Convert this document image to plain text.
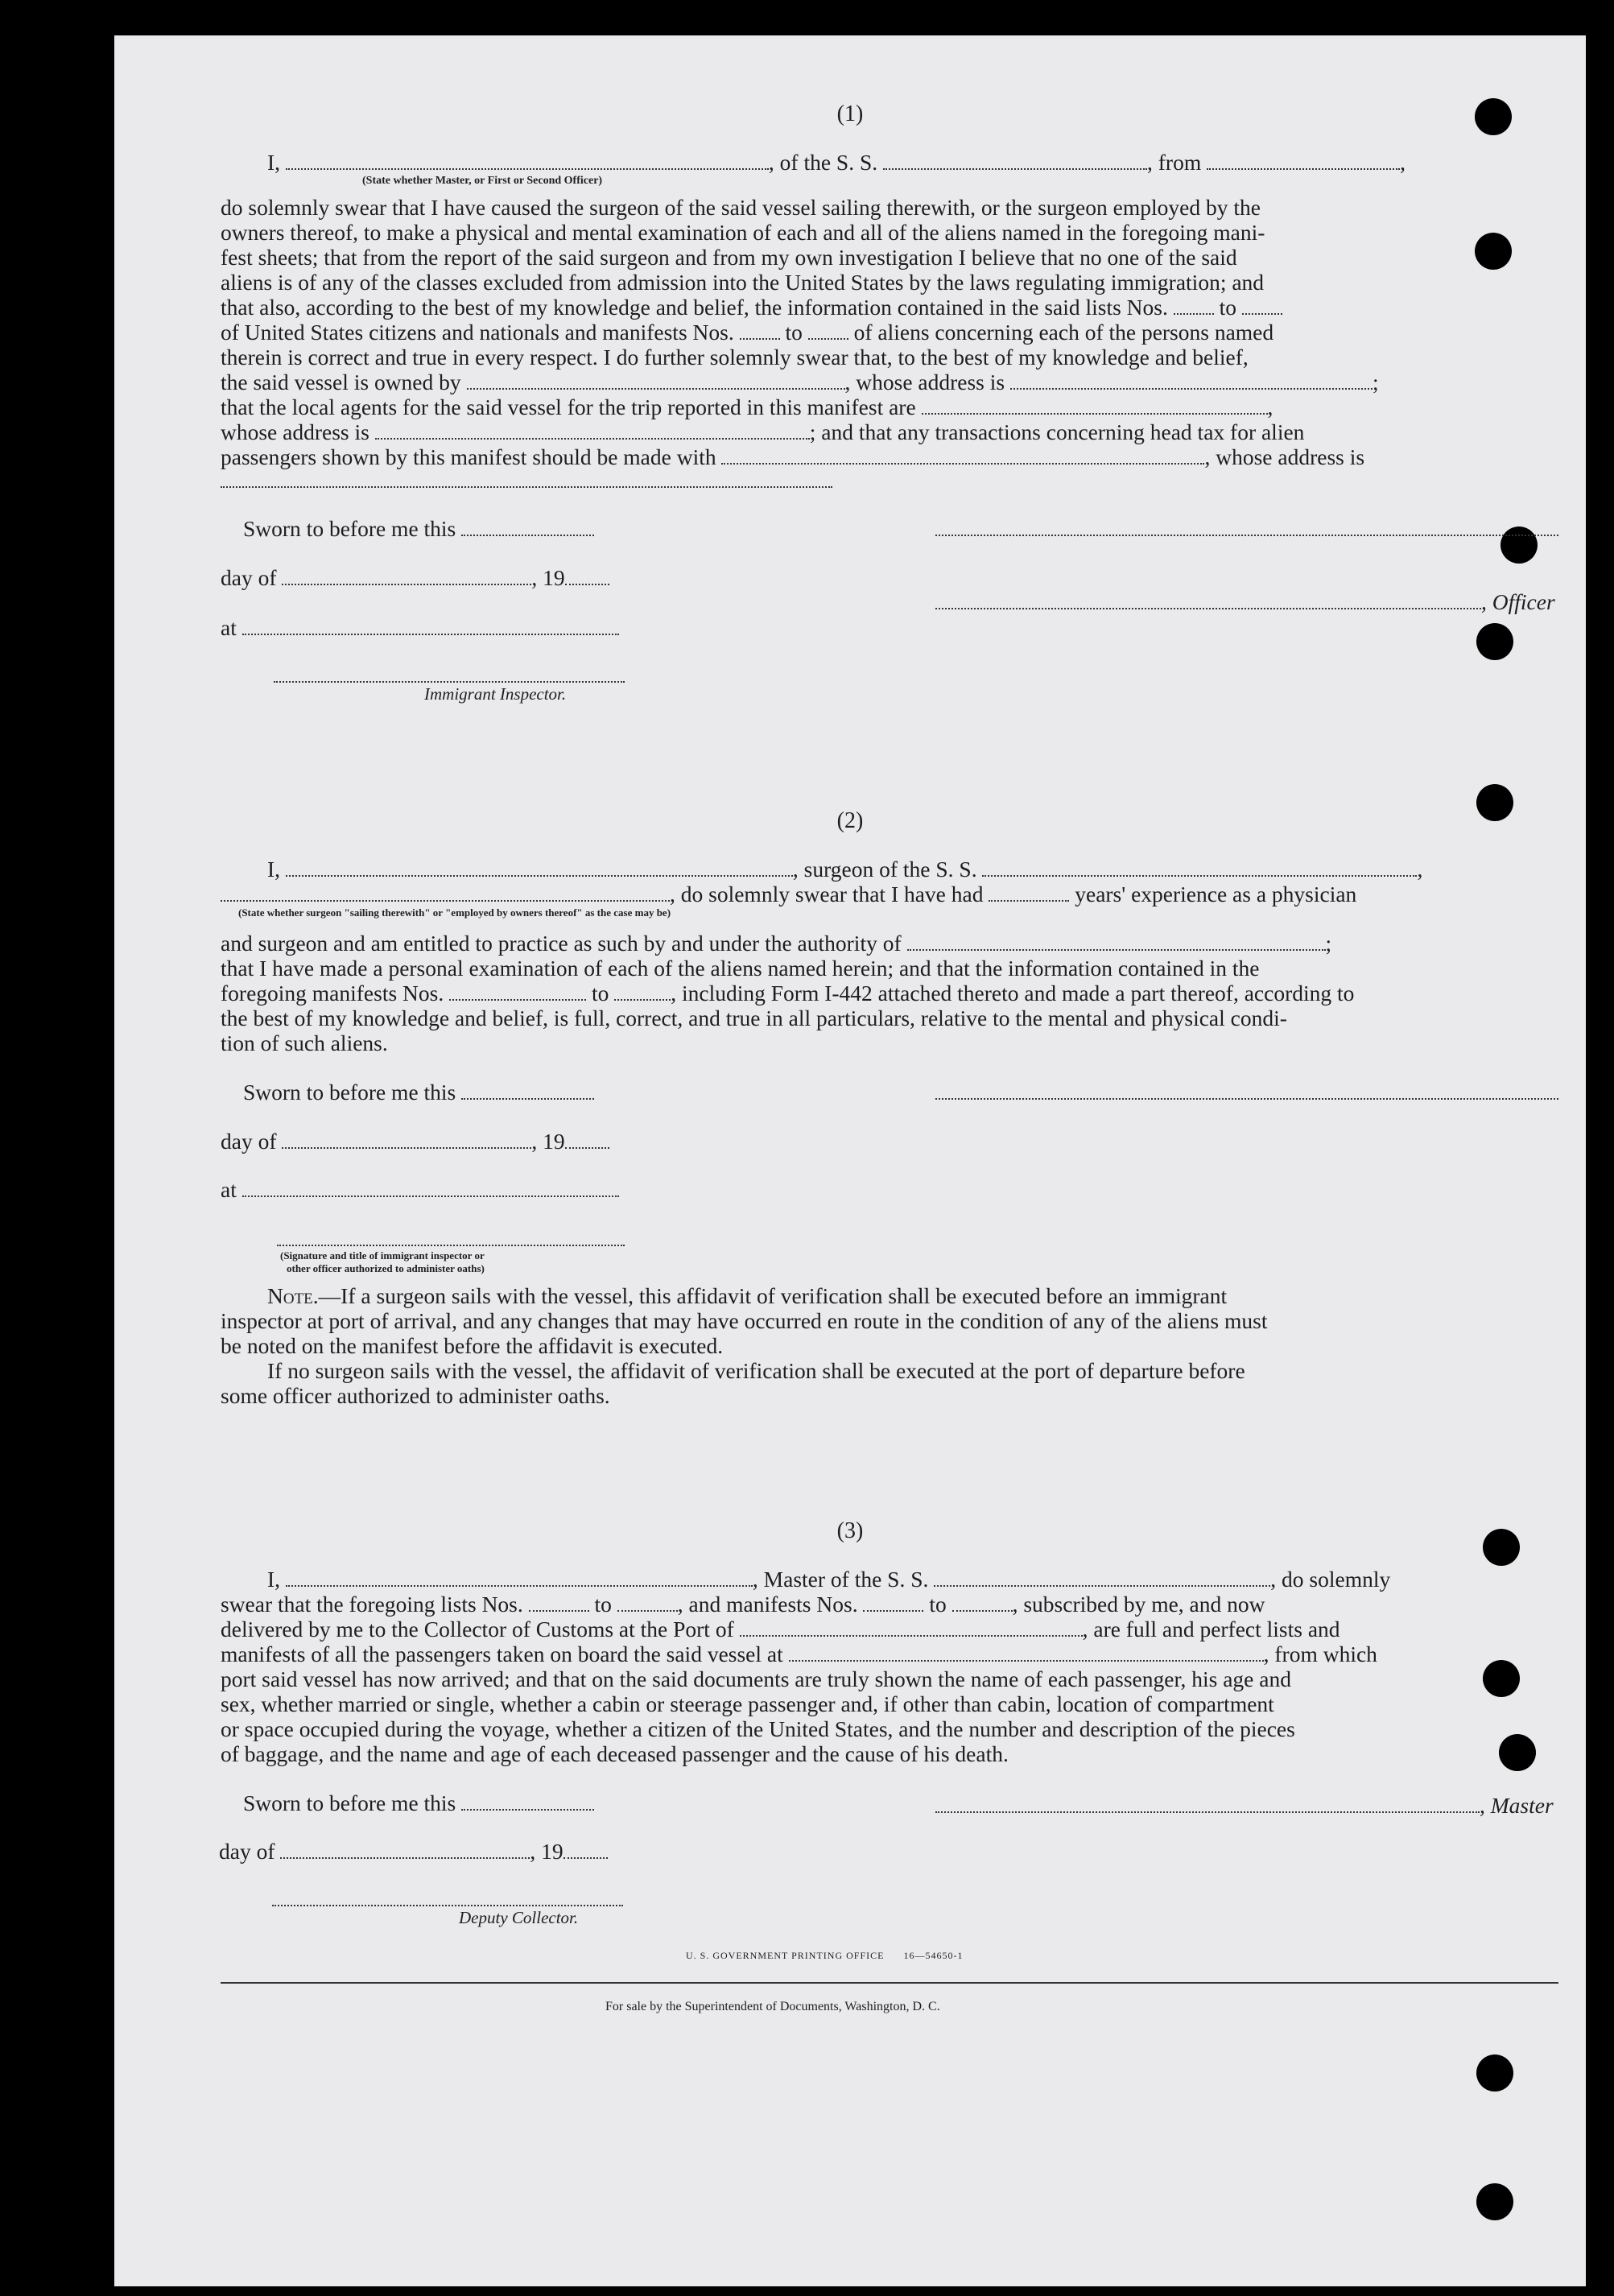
(1)
I,	, of the S. S.	, from	,
(State whether Master, or First or Second Officer)
do solemnly swear that I have caused the surgeon of the said vessel sailing therewith, or the surgeon employed by the
owners thereof, to make a physical and mental examination of each and all of the aliens named in the foregoing mani-
fest sheets; that from the report of the said surgeon and from my own investigation I believe that no one of the said
aliens is of any of the classes excluded from admission into the United States by the laws regulating immigration; and
that also, according to the best of my knowledge and belief, the information contained in the said lists Nos. to
of United States citizens and nationals and manifests Nos. to of aliens concerning each of the persons named
therein is correct and true in every respect. I do further solemnly swear that, to the best of my knowledge and belief,
the said vessel is owned by	, whose address is	;
that the local agents for the said vessel for the trip reported in this manifest are	,
whose address is	; and that any transactions concerning head tax for alien
passengers shown by this manifest should be made with	, whose address is
Sworn to before me this
day of	, 19
, Officer
at
Immigrant Inspector.
(2)
I,	, surgeon of the S. S.	,
, do solemnly swear that I have had	years' experience as a physician
(State whether surgeon "sailing therewith" or "employed by owners thereof" as the case may be)
and surgeon and am entitled to practice as such by and under the authority of	;
that I have made a personal examination of each of the aliens named herein; and that the information contained in the
foregoing manifests Nos.	to	, including Form I-442 attached thereto and made a part thereof, according to
the best of my knowledge and belief, is full, correct, and true in all particulars, relative to the mental and physical condi-
tion of such aliens.
Sworn to before me this
day of	, 19
at
(Signature and title of immigrant inspector or
other officer authorized to administer oaths)
Note.—If a surgeon sails with the vessel, this affidavit of verification shall be executed before an immigrant
inspector at port of arrival, and any changes that may have occurred en route in the condition of any of the aliens must
be noted on the manifest before the affidavit is executed.
If no surgeon sails with the vessel, the affidavit of verification shall be executed at the port of departure before
some officer authorized to administer oaths.
(3)
I,	, Master of the S. S.	, do solemnly
swear that the foregoing lists Nos.	to	, and manifests Nos.	to	, subscribed by me, and now
delivered by me to the Collector of Customs at the Port of	, are full and perfect lists and
manifests of all the passengers taken on board the said vessel at	, from which
port said vessel has now arrived; and that on the said documents are truly shown the name of each passenger, his age and
sex, whether married or single, whether a cabin or steerage passenger and, if other than cabin, location of compartment
or space occupied during the voyage, whether a citizen of the United States, and the number and description of the pieces
of baggage, and the name and age of each deceased passenger and the cause of his death.
Sworn to before me this	, Master
day of	, 19
Deputy Collector.
U. S. GOVERNMENT PRINTING OFFICE 16—54650-1
For sale by the Superintendent of Documents, Washington, D. C.
